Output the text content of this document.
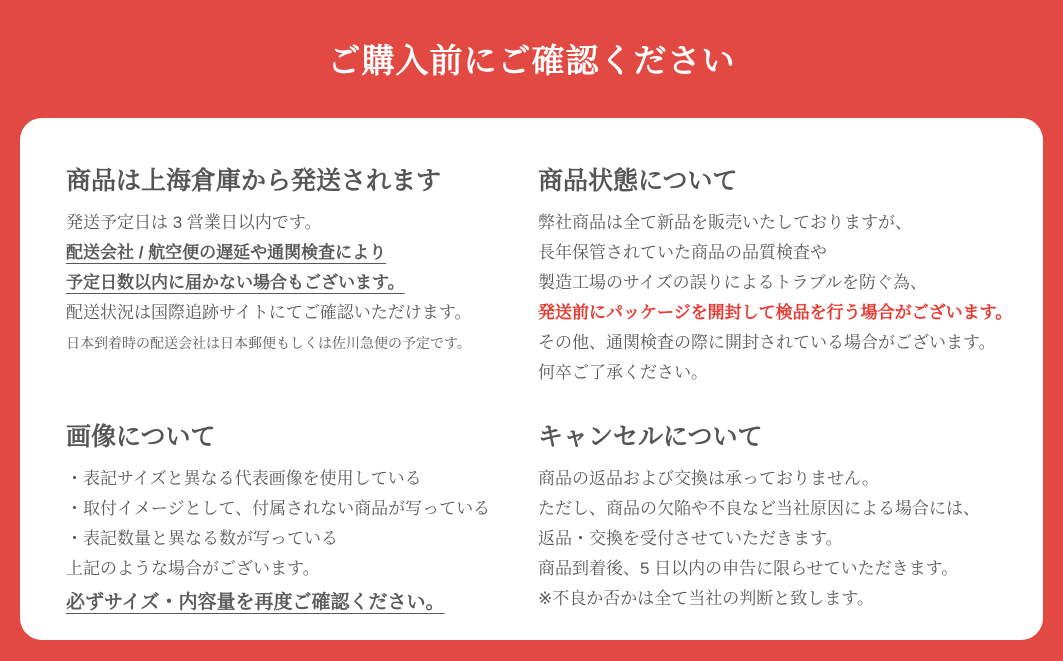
ご購入前にご確認ください
商品は上海倉庫から発送されます

発送予定日は 3 営業日以内です。

配送会社 / 航空便の遅延や通関検査により

予定日数以内に届かない場合もございます。

配送状況は国際追跡サイトにてご確認いただけます。

日本到着時の配送会社は日本郵便もしくは佐川急便の予定です。

商品状態について

弊社商品は全て新品を販売いたしておりますが、

長年保管されていた商品の品質検査や

製造工場のサイズの誤りによるトラブルを防ぐ為、

発送前にパッケージを開封して検品を行う場合がございます。

その他、通関検査の際に開封されている場合がございます。

何卒ご了承ください。

画像について

・表記サイズと異なる代表画像を使用している

・取付イメージとして、付属されない商品が写っている

・表記数量と異なる数が写っている

上記のような場合がございます。

必ずサイズ・内容量を再度ご確認ください。

キャンセルについて

商品の返品および交換は承っておりません。

ただし、商品の欠陥や不良など当社原因による場合には、

返品・交換を受付させていただきます。

商品到着後、5 日以内の申告に限らせていただきます。

※不良か否かは全て当社の判断と致します。
